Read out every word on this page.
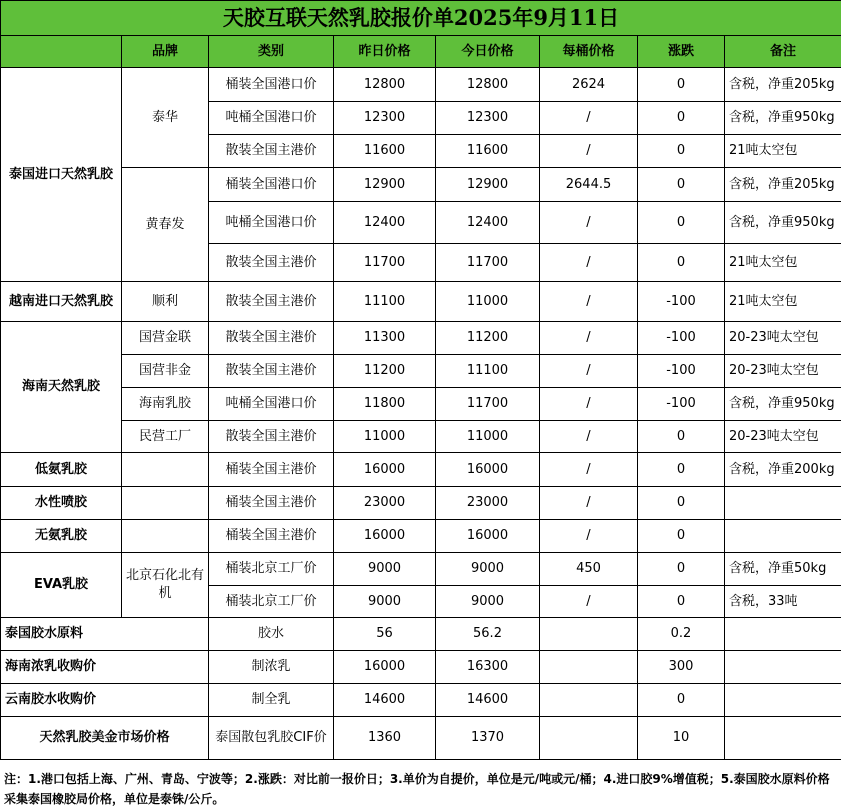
天胶互联天然乳胶报价单2025年9月11日							
	品牌	类别	昨日价格	今日价格	每桶价格	涨跌	备注
泰国进口天然乳胶	泰华	桶装全国港口价	12800	12800	2624	0	含税，净重205kg
		吨桶全国港口价	12300	12300	/	0	含税，净重950kg
		散装全国主港价	11600	11600	/	0	21吨太空包
	黄春发	桶装全国港口价	12900	12900	2644.5	0	含税，净重205kg
		吨桶全国港口价	12400	12400	/	0	含税，净重950kg
		散装全国主港价	11700	11700	/	0	21吨太空包
越南进口天然乳胶	顺利	散装全国主港价	11100	11000	/	-100	21吨太空包
海南天然乳胶	国营金联	散装全国主港价	11300	11200	/	-100	20-23吨太空包
	国营非金	散装全国主港价	11200	11100	/	-100	20-23吨太空包
	海南乳胶	吨桶全国港口价	11800	11700	/	-100	含税，净重950kg
	民营工厂	散装全国主港价	11000	11000	/	0	20-23吨太空包
低氨乳胶		桶装全国主港价	16000	16000	/	0	含税，净重200kg
水性喷胶		桶装全国主港价	23000	23000	/	0	
无氨乳胶		桶装全国主港价	16000	16000	/	0	
EVA乳胶	北京石化北有机	桶装北京工厂价	9000	9000	450	0	含税，净重50kg
		桶装北京工厂价	9000	9000	/	0	含税，33吨
泰国胶水原料		胶水	56	56.2		0.2	
海南浓乳收购价		制浓乳	16000	16300		300	
云南胶水收购价		制全乳	14600	14600		0	
天然乳胶美金市场价格		泰国散包乳胶CIF价	1360	1370		10	
注：1.港口包括上海、广州、青岛、宁波等；2.涨跌：对比前一报价日；3.单价为自提价，单位是元/吨或元/桶；4.进口胶9%增值税；5.泰国胶水原料价格采集泰国橡胶局价格，单位是泰铢/公斤。
